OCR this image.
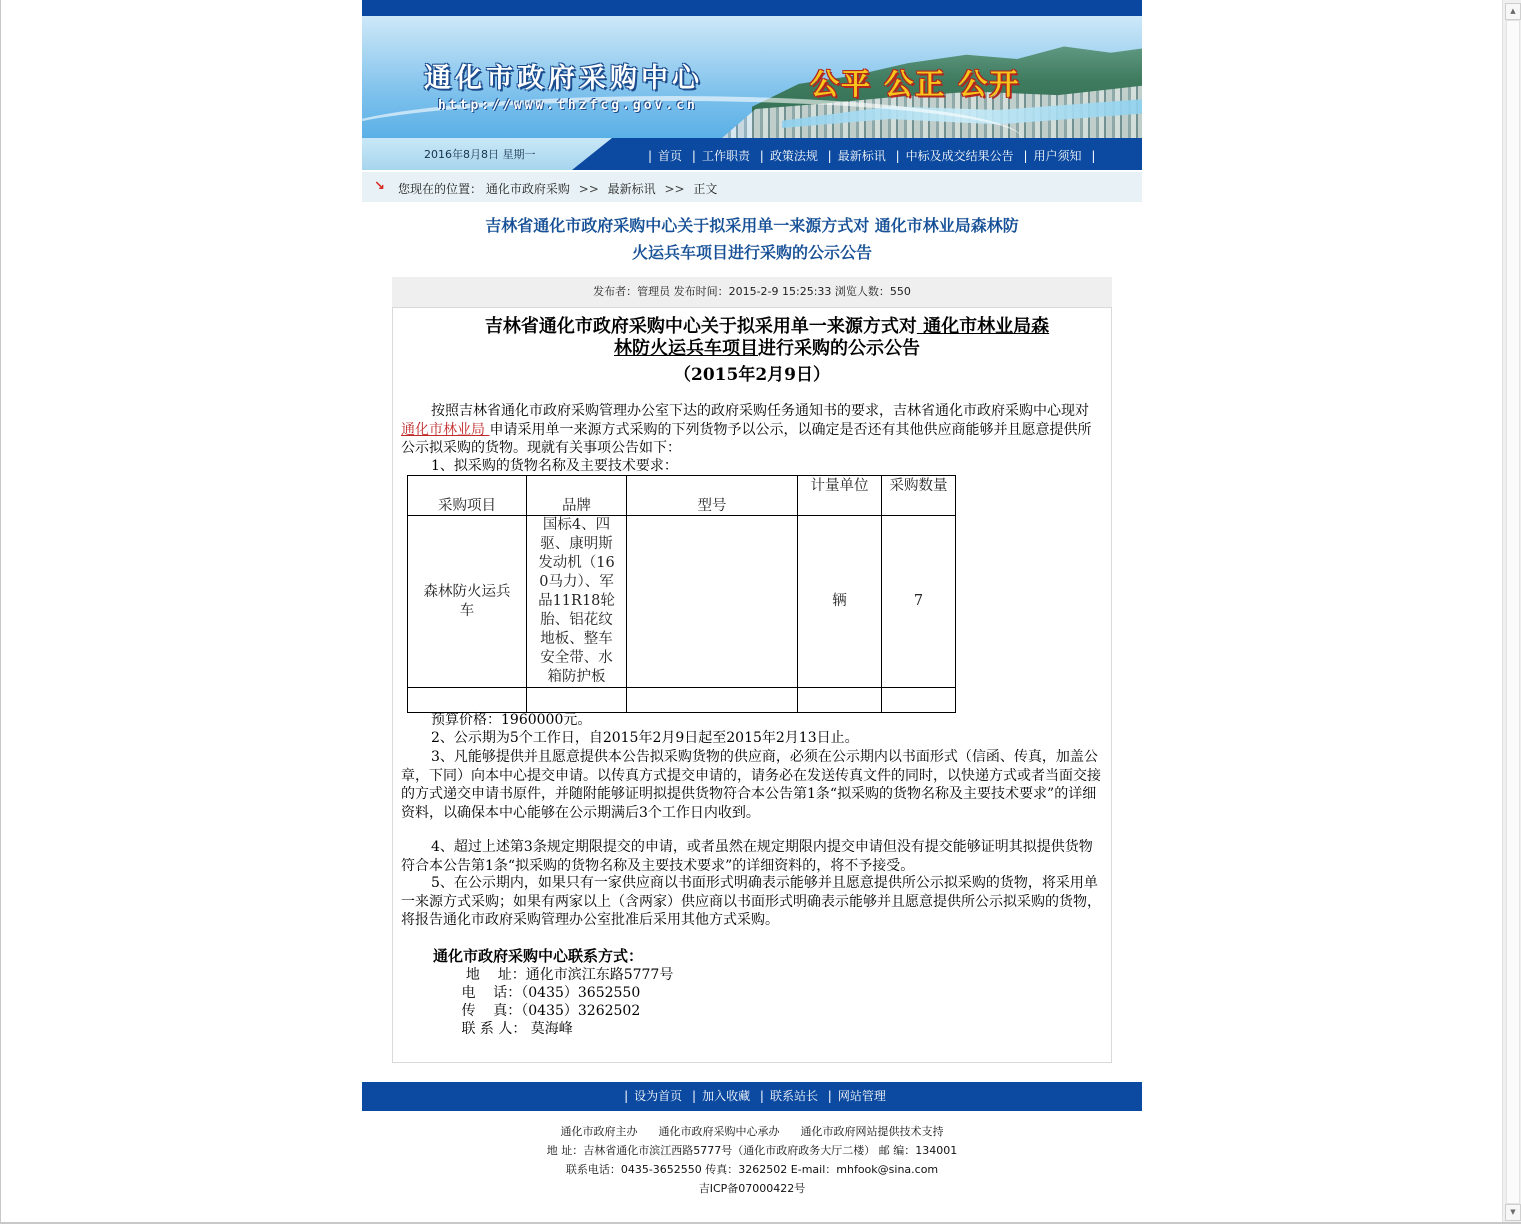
通化市政府采购中心
http://www.thzfcg.gov.cn
公平 公正 公开
2016年8月8日 星期一	| 首页 | 工作职责 | 政策法规 | 最新标讯 | 中标及成交结果公告 | 用户须知 |
↘ 您现在的位置： 通化市政府采购 >> 最新标讯 >> 正文
吉林省通化市政府采购中心关于拟采用单一来源方式对 通化市林业局森林防
火运兵车项目进行采购的公示公告
发布者：管理员 发布时间：2015-2-9 15:25:33 浏览人数：550
吉林省通化市政府采购中心关于拟采用单一来源方式对 通化市林业局森
林防火运兵车项目进行采购的公示公告
（2015年2月9日）
按照吉林省通化市政府采购管理办公室下达的政府采购任务通知书的要求，吉林省通化市政府采购中心现对 通化市林业局 申请采用单一来源方式采购的下列货物予以公示，以确定是否还有其他供应商能够并且愿意提供所公示拟采购的货物。现就有关事项公告如下：
1、拟采购的货物名称及主要技术要求：
采购项目	品牌	型号	计量单位	采购数量

森林防火运兵车	国标4、四驱、康明斯发动机（160马力）、军品11R18轮胎、铝花纹地板、整车安全带、水箱防护板		辆	7

预算价格：1960000元。
2、公示期为5个工作日，自2015年2月9日起至2015年2月13日止。
3、凡能够提供并且愿意提供本公告拟采购货物的供应商，必须在公示期内以书面形式（信函、传真，加盖公章，下同）向本中心提交申请。以传真方式提交申请的，请务必在发送传真文件的同时，以快递方式或者当面交接的方式递交申请书原件，并随附能够证明拟提供货物符合本公告第1条“拟采购的货物名称及主要技术要求”的详细资料，以确保本中心能够在公示期满后3个工作日内收到。
4、超过上述第3条规定期限提交的申请，或者虽然在规定期限内提交申请但没有提交能够证明其拟提供货物符合本公告第1条“拟采购的货物名称及主要技术要求”的详细资料的，将不予接受。
5、在公示期内，如果只有一家供应商以书面形式明确表示能够并且愿意提供所公示拟采购的货物，将采用单一来源方式采购；如果有两家以上（含两家）供应商以书面形式明确表示能够并且愿意提供所公示拟采购的货物，将报告通化市政府采购管理办公室批准后采用其他方式采购。
通化市政府采购中心联系方式：
地    址：通化市滨江东路5777号
电    话：（0435）3652550
传    真：（0435）3262502
联 系 人： 莫海峰
| 设为首页 | 加入收藏 | 联系站长 | 网站管理
通化市政府主办      通化市政府采购中心承办      通化市政府网站提供技术支持
地 址：吉林省通化市滨江西路5777号（通化市政府政务大厅二楼） 邮 编：134001
联系电话：0435-3652550 传真：3262502 E-mail：mhfook@sina.com
吉ICP备07000422号
▲
▼
